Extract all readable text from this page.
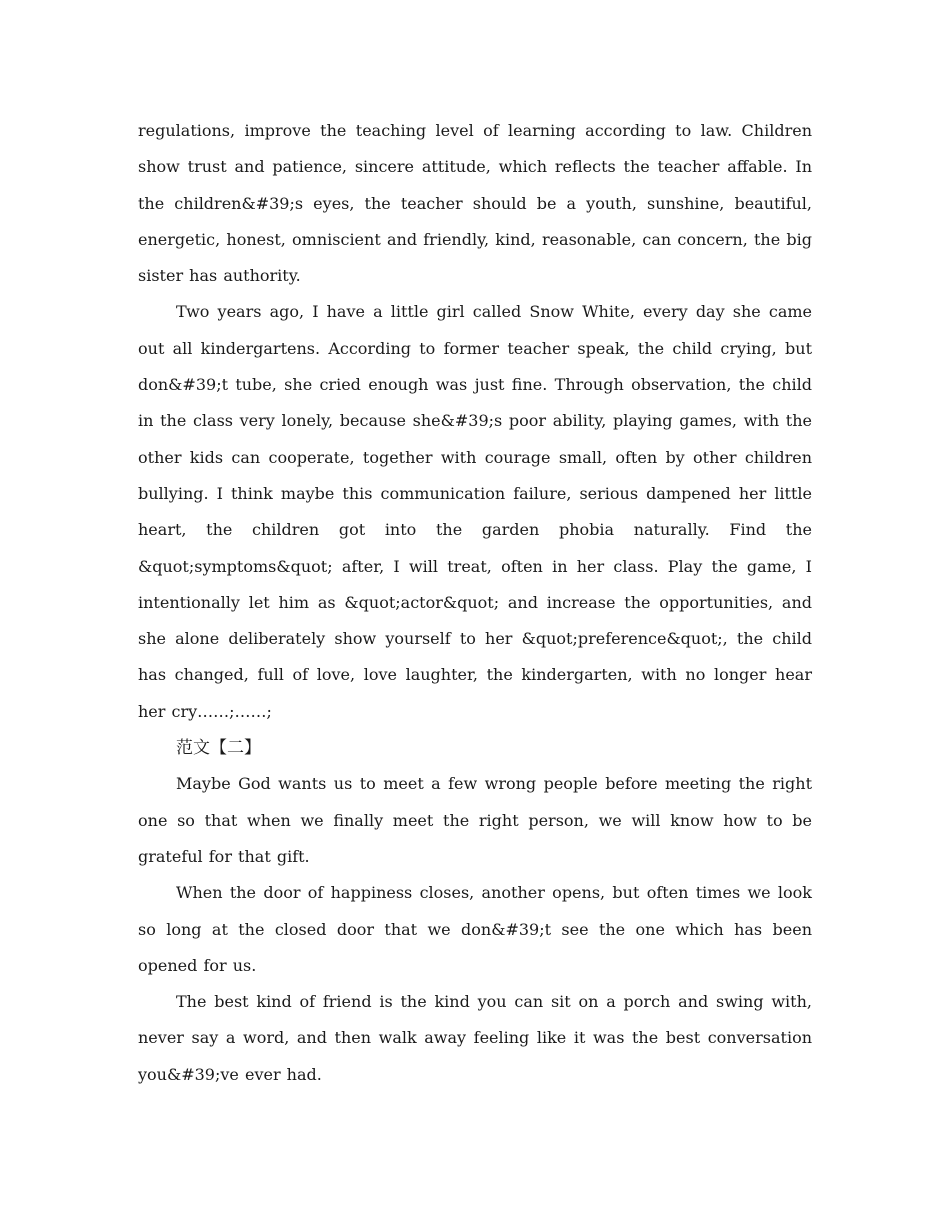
regulations, improve the teaching level of learning according to law. Children show trust and patience, sincere attitude, which reflects the teacher affable. In the children&#39;s eyes, the teacher should be a youth, sunshine, beautiful, energetic, honest, omniscient and friendly, kind, reasonable, can concern, the big sister has authority.

Two years ago, I have a little girl called Snow White, every day she came out all kindergartens. According to former teacher speak, the child crying, but don&#39;t tube, she cried enough was just fine. Through observation, the child in the class very lonely, because she&#39;s poor ability, playing games, with the other kids can cooperate, together with courage small, often by other children bullying. I think maybe this communication failure, serious dampened her little heart, the children got into the garden phobia naturally. Find the &quot;symptoms&quot; after, I will treat, often in her class. Play the game, I intentionally let him as &quot;actor&quot; and increase the opportunities, and she alone deliberately show yourself to her &quot;preference&quot;, the child has changed, full of love, love laughter, the kindergarten, with no longer hear her cry……;……;

范文【二】

Maybe God wants us to meet a few wrong people before meeting the right one so that when we finally meet the right person, we will know how to be grateful for that gift.

When the door of happiness closes, another opens, but often times we look so long at the closed door that we don&#39;t see the one which has been opened for us.

The best kind of friend is the kind you can sit on a porch and swing with, never say a word, and then walk away feeling like it was the best conversation you&#39;ve ever had.
